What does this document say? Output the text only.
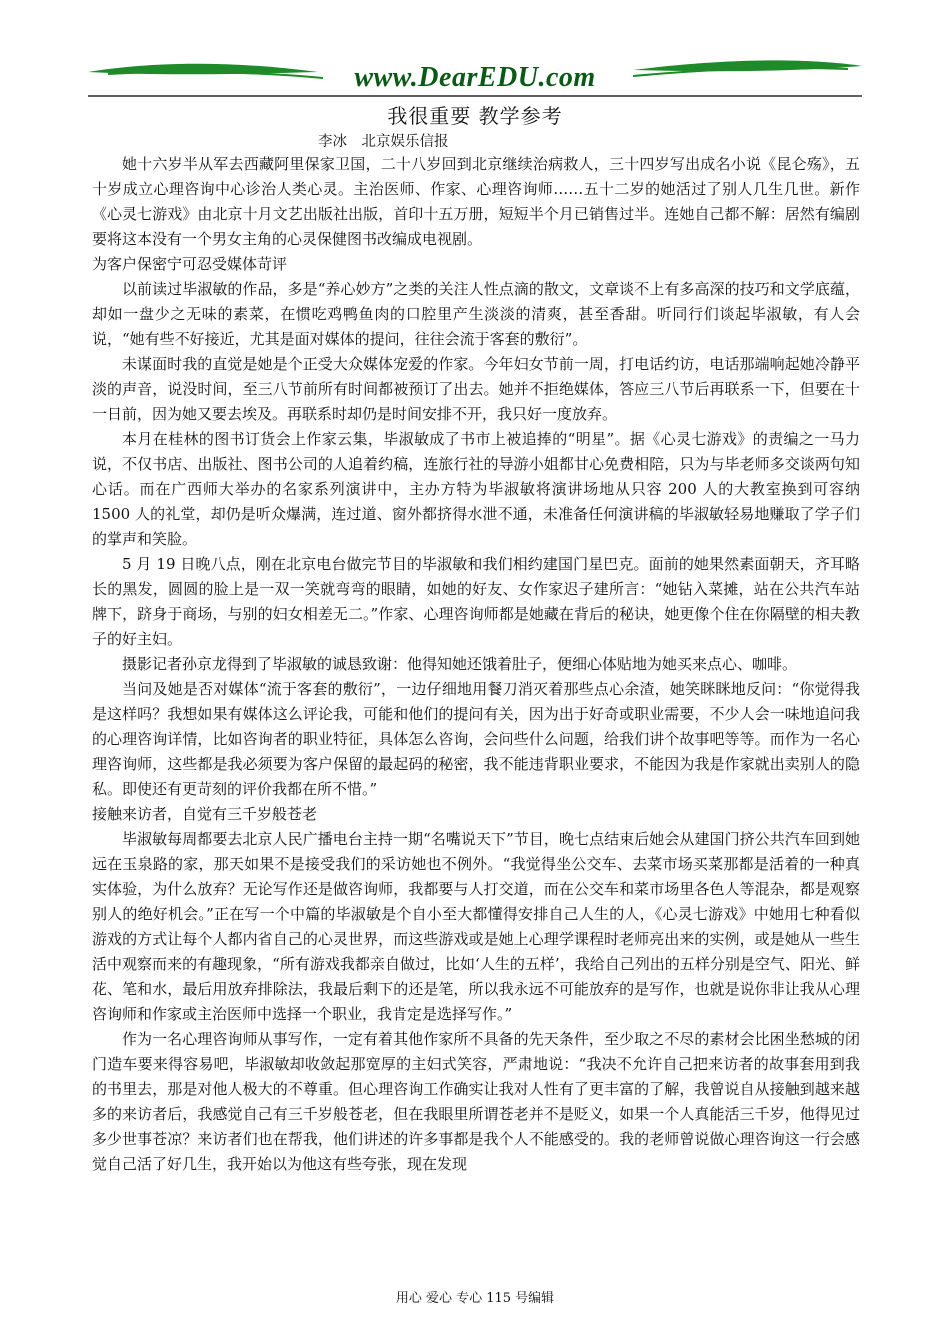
www.DearEDU.com
我很重要 教学参考
李冰　北京娱乐信报

她十六岁半从军去西藏阿里保家卫国，二十八岁回到北京继续治病救人，三十四岁写出成名小说《昆仑殇》，五十岁成立心理咨询中心诊治人类心灵。主治医师、作家、心理咨询师……五十二岁的她活过了别人几生几世。新作《心灵七游戏》由北京十月文艺出版社出版，首印十五万册，短短半个月已销售过半。连她自己都不解：居然有编剧要将这本没有一个男女主角的心灵保健图书改编成电视剧。

为客户保密宁可忍受媒体苛评

以前读过毕淑敏的作品，多是“养心妙方”之类的关注人性点滴的散文，文章谈不上有多高深的技巧和文学底蕴，却如一盘少之无味的素菜，在惯吃鸡鸭鱼肉的口腔里产生淡淡的清爽，甚至香甜。听同行们谈起毕淑敏，有人会说，“她有些不好接近，尤其是面对媒体的提问，往往会流于客套的敷衍”。

未谋面时我的直觉是她是个正受大众媒体宠爱的作家。今年妇女节前一周，打电话约访，电话那端响起她冷静平淡的声音，说没时间，至三八节前所有时间都被预订了出去。她并不拒绝媒体，答应三八节后再联系一下，但要在十一日前，因为她又要去埃及。再联系时却仍是时间安排不开，我只好一度放弃。

本月在桂林的图书订货会上作家云集，毕淑敏成了书市上被追捧的“明星”。据《心灵七游戏》的责编之一马力说，不仅书店、出版社、图书公司的人追着约稿，连旅行社的导游小姐都甘心免费相陪，只为与毕老师多交谈两句知心话。而在广西师大举办的名家系列演讲中，主办方特为毕淑敏将演讲场地从只容 200 人的大教室换到可容纳 1500 人的礼堂，却仍是听众爆满，连过道、窗外都挤得水泄不通，未准备任何演讲稿的毕淑敏轻易地赚取了学子们的掌声和笑脸。

5 月 19 日晚八点，刚在北京电台做完节目的毕淑敏和我们相约建国门星巴克。面前的她果然素面朝天，齐耳略长的黑发，圆圆的脸上是一双一笑就弯弯的眼睛，如她的好友、女作家迟子建所言：“她钻入菜摊，站在公共汽车站牌下，跻身于商场，与别的妇女相差无二。”作家、心理咨询师都是她藏在背后的秘诀，她更像个住在你隔壁的相夫教子的好主妇。

摄影记者孙京龙得到了毕淑敏的诚恳致谢：他得知她还饿着肚子，便细心体贴地为她买来点心、咖啡。

当问及她是否对媒体“流于客套的敷衍”，一边仔细地用餐刀消灭着那些点心余渣，她笑眯眯地反问：“你觉得我是这样吗？我想如果有媒体这么评论我，可能和他们的提问有关，因为出于好奇或职业需要，不少人会一味地追问我的心理咨询详情，比如咨询者的职业特征，具体怎么咨询，会问些什么问题，给我们讲个故事吧等等。而作为一名心理咨询师，这些都是我必须要为客户保留的最起码的秘密，我不能违背职业要求，不能因为我是作家就出卖别人的隐私。即使还有更苛刻的评价我都在所不惜。”

接触来访者，自觉有三千岁般苍老

毕淑敏每周都要去北京人民广播电台主持一期“名嘴说天下”节目，晚七点结束后她会从建国门挤公共汽车回到她远在玉泉路的家，那天如果不是接受我们的采访她也不例外。“我觉得坐公交车、去菜市场买菜那都是活着的一种真实体验，为什么放弃？无论写作还是做咨询师，我都要与人打交道，而在公交车和菜市场里各色人等混杂，都是观察别人的绝好机会。”正在写一个中篇的毕淑敏是个自小至大都懂得安排自己人生的人，《心灵七游戏》中她用七种看似游戏的方式让每个人都内省自己的心灵世界，而这些游戏或是她上心理学课程时老师亮出来的实例，或是她从一些生活中观察而来的有趣现象，“所有游戏我都亲自做过，比如‘人生的五样’，我给自己列出的五样分别是空气、阳光、鲜花、笔和水，最后用放弃排除法，我最后剩下的还是笔，所以我永远不可能放弃的是写作，也就是说你非让我从心理咨询师和作家或主治医师中选择一个职业，我肯定是选择写作。”

作为一名心理咨询师从事写作，一定有着其他作家所不具备的先天条件，至少取之不尽的素材会比困坐愁城的闭门造车要来得容易吧，毕淑敏却收敛起那宽厚的主妇式笑容，严肃地说：“我决不允许自己把来访者的故事套用到我的书里去，那是对他人极大的不尊重。但心理咨询工作确实让我对人性有了更丰富的了解，我曾说自从接触到越来越多的来访者后，我感觉自己有三千岁般苍老，但在我眼里所谓苍老并不是贬义，如果一个人真能活三千岁，他得见过多少世事苍凉？来访者们也在帮我，他们讲述的许多事都是我个人不能感受的。我的老师曾说做心理咨询这一行会感觉自己活了好几生，我开始以为他这有些夸张，现在发现

用心 爱心 专心 115 号编辑
